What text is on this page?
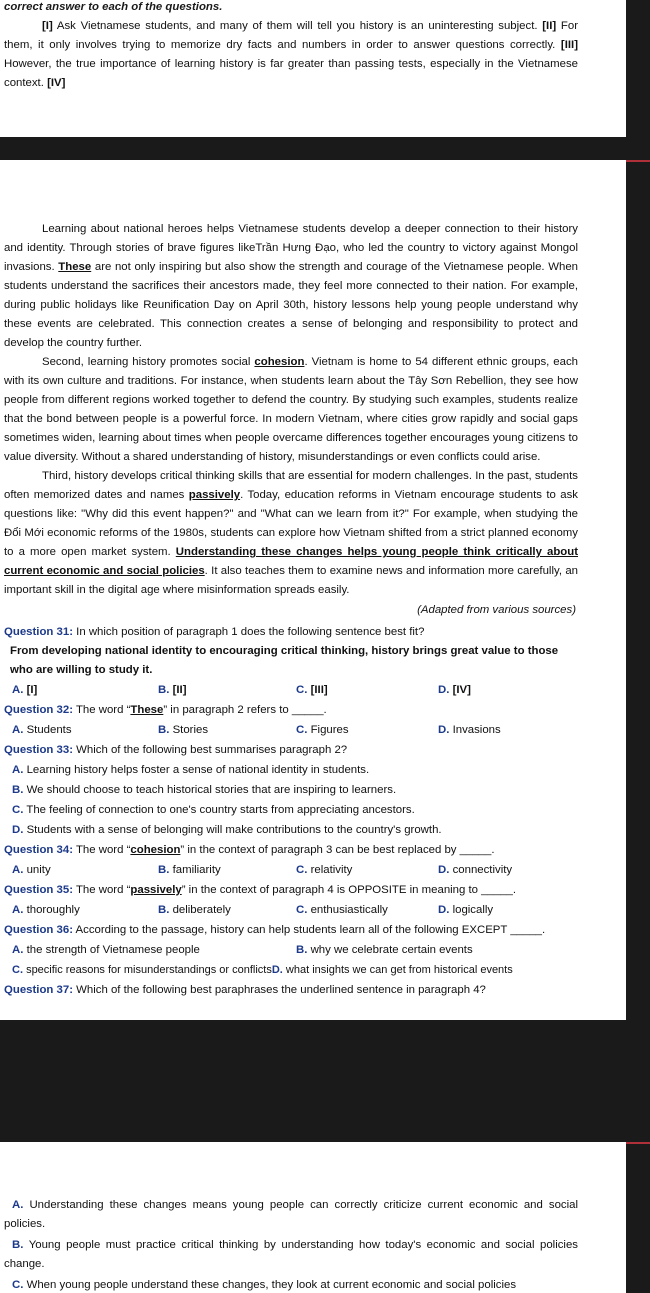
correct answer to each of the questions.
[I] Ask Vietnamese students, and many of them will tell you history is an uninteresting subject. [II] For them, it only involves trying to memorize dry facts and numbers in order to answer questions correctly. [III] However, the true importance of learning history is far greater than passing tests, especially in the Vietnamese context. [IV]
Learning about national heroes helps Vietnamese students develop a deeper connection to their history and identity. Through stories of brave figures likeTrần Hưng Đạo, who led the country to victory against Mongol invasions. These are not only inspiring but also show the strength and courage of the Vietnamese people. When students understand the sacrifices their ancestors made, they feel more connected to their nation. For example, during public holidays like Reunification Day on April 30th, history lessons help young people understand why these events are celebrated. This connection creates a sense of belonging and responsibility to protect and develop the country further.
Second, learning history promotes social cohesion. Vietnam is home to 54 different ethnic groups, each with its own culture and traditions. For instance, when students learn about the Tây Sơn Rebellion, they see how people from different regions worked together to defend the country. By studying such examples, students realize that the bond between people is a powerful force. In modern Vietnam, where cities grow rapidly and social gaps sometimes widen, learning about times when people overcame differences together encourages young citizens to value diversity. Without a shared understanding of history, misunderstandings or even conflicts could arise.
Third, history develops critical thinking skills that are essential for modern challenges. In the past, students often memorized dates and names passively. Today, education reforms in Vietnam encourage students to ask questions like: "Why did this event happen?" and "What can we learn from it?" For example, when studying the Đổi Mới economic reforms of the 1980s, students can explore how Vietnam shifted from a strict planned economy to a more open market system. Understanding these changes helps young people think critically about current economic and social policies. It also teaches them to examine news and information more carefully, an important skill in the digital age where misinformation spreads easily.
(Adapted from various sources)
Question 31: In which position of paragraph 1 does the following sentence best fit?
From developing national identity to encouraging critical thinking, history brings great value to those who are willing to study it.
A. [I]	B. [II]	C. [III]	D. [IV]
Question 32: The word “These” in paragraph 2 refers to _____.
A. Students	B. Stories	C. Figures	D. Invasions
Question 33: Which of the following best summarises paragraph 2?
A. Learning history helps foster a sense of national identity in students.
B. We should choose to teach historical stories that are inspiring to learners.
C. The feeling of connection to one's country starts from appreciating ancestors.
D. Students with a sense of belonging will make contributions to the country's growth.
Question 34: The word “cohesion” in the context of paragraph 3 can be best replaced by _____.
A. unity	B. familiarity	C. relativity	D. connectivity
Question 35: The word “passively” in the context of paragraph 4 is OPPOSITE in meaning to _____.
A. thoroughly	B. deliberately	C. enthusiastically	D. logically
Question 36: According to the passage, history can help students learn all of the following EXCEPT _____.
A. the strength of Vietnamese people	B. why we celebrate certain events
C. specific reasons for misunderstandings or conflictsD. what insights we can get from historical events
Question 37: Which of the following best paraphrases the underlined sentence in paragraph 4?
A. Understanding these changes means young people can correctly criticize current economic and social policies.
B. Young people must practice critical thinking by understanding how today's economic and social policies change.
C. When young people understand these changes, they look at current economic and social policies
